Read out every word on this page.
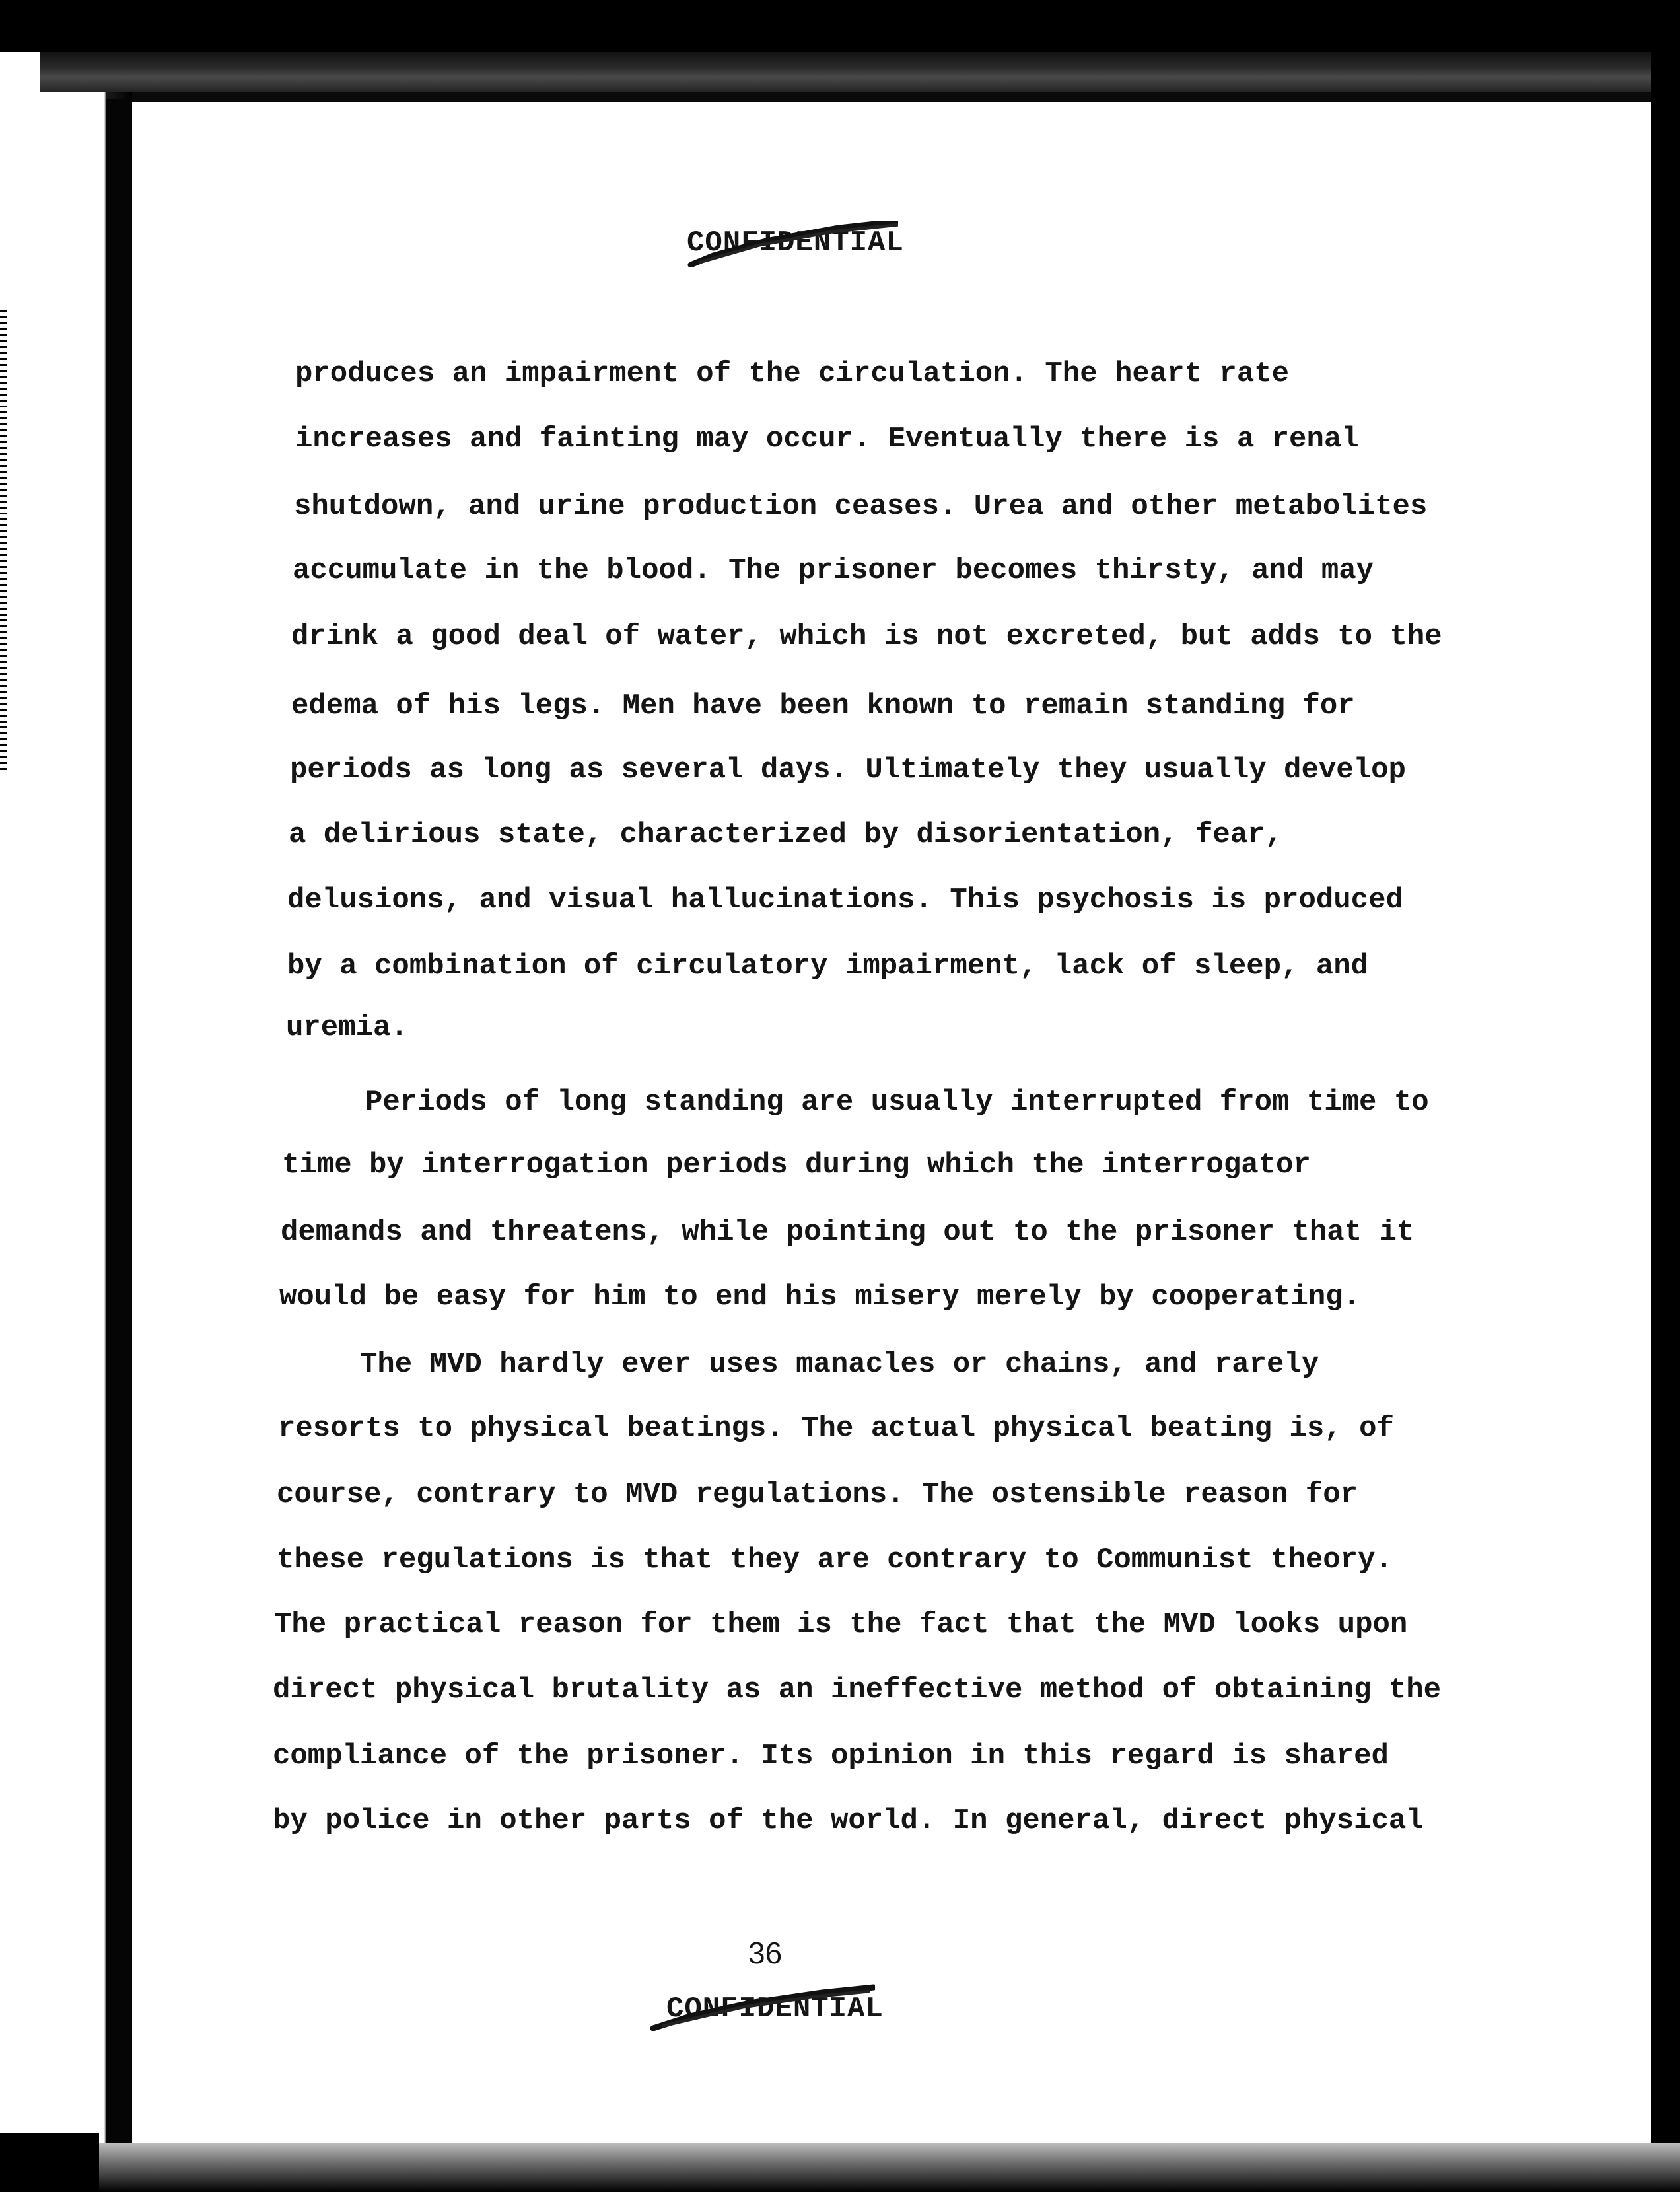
CONFIDENTIAL
produces an impairment of the circulation. The heart rate
increases and fainting may occur. Eventually there is a renal
shutdown, and urine production ceases. Urea and other metabolites
accumulate in the blood. The prisoner becomes thirsty, and may
drink a good deal of water, which is not excreted, but adds to the
edema of his legs. Men have been known to remain standing for
periods as long as several days. Ultimately they usually develop
a delirious state, characterized by disorientation, fear,
delusions, and visual hallucinations. This psychosis is produced
by a combination of circulatory impairment, lack of sleep, and
uremia.
Periods of long standing are usually interrupted from time to
time by interrogation periods during which the interrogator
demands and threatens, while pointing out to the prisoner that it
would be easy for him to end his misery merely by cooperating.
The MVD hardly ever uses manacles or chains, and rarely
resorts to physical beatings. The actual physical beating is, of
course, contrary to MVD regulations. The ostensible reason for
these regulations is that they are contrary to Communist theory.
The practical reason for them is the fact that the MVD looks upon
direct physical brutality as an ineffective method of obtaining the
compliance of the prisoner. Its opinion in this regard is shared
by police in other parts of the world. In general, direct physical
36
CONFIDENTIAL
